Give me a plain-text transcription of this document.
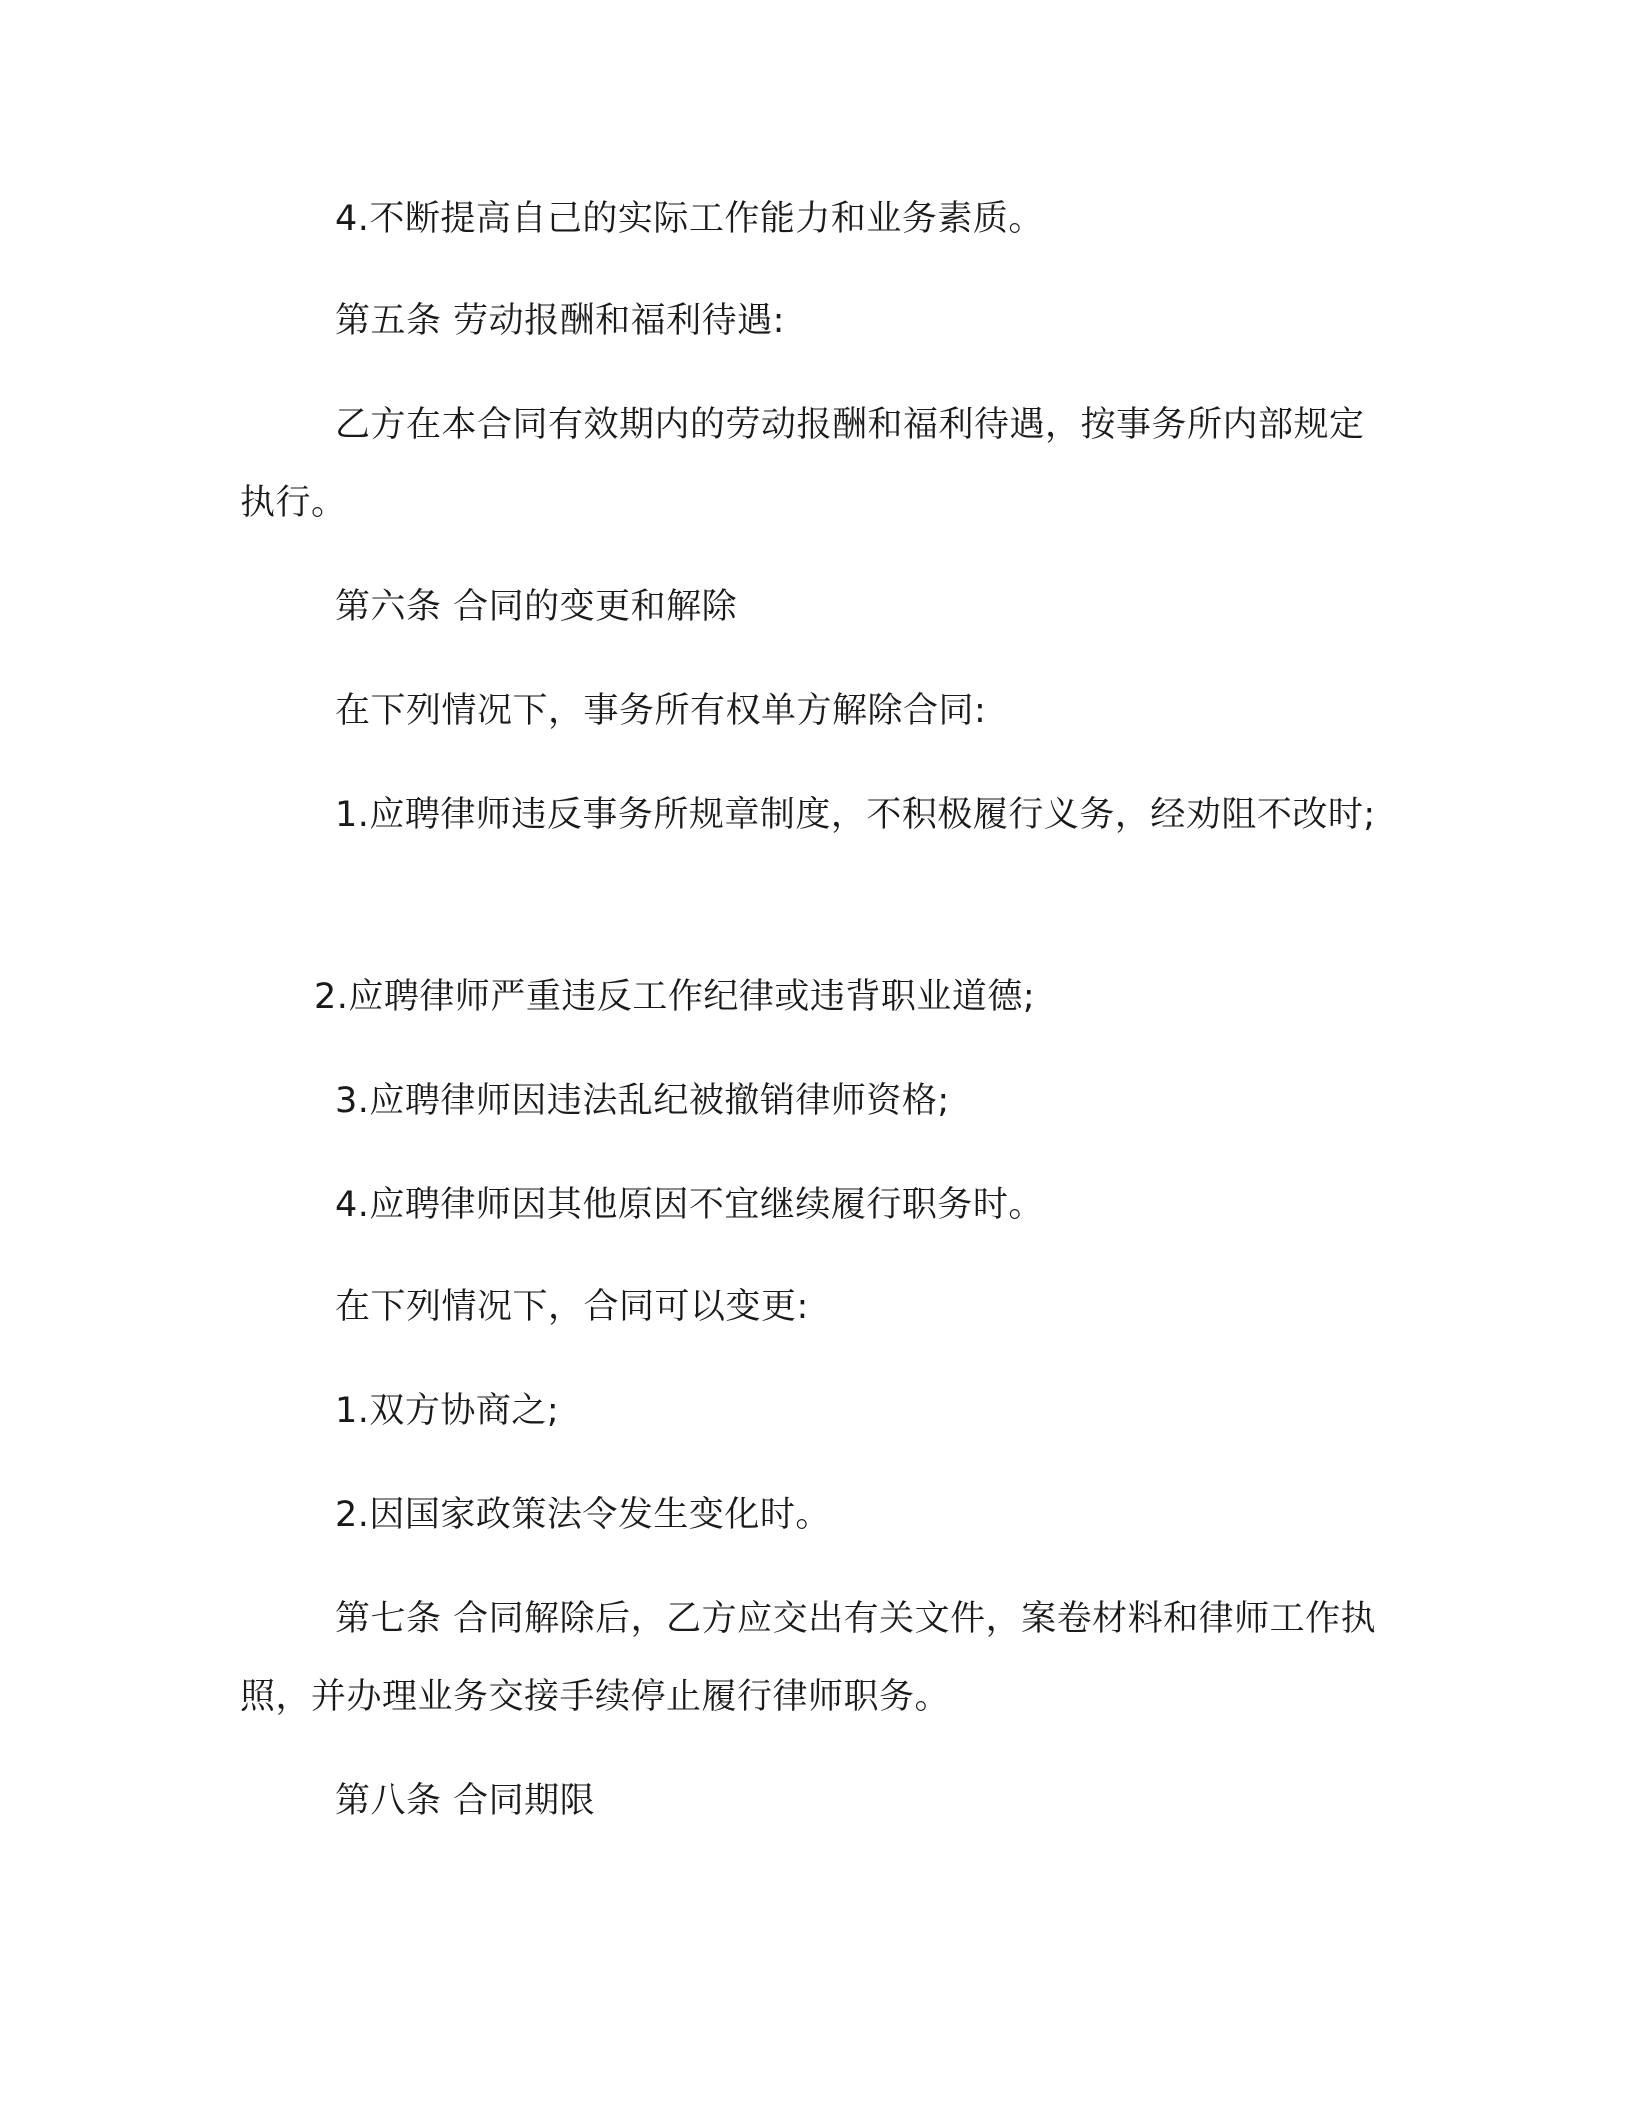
4.不断提高自己的实际工作能力和业务素质。
第五条 劳动报酬和福利待遇:
乙方在本合同有效期内的劳动报酬和福利待遇，按事务所内部规定执行。
第六条 合同的变更和解除
在下列情况下，事务所有权单方解除合同:
1.应聘律师违反事务所规章制度，不积极履行义务，经劝阻不改时;
2.应聘律师严重违反工作纪律或违背职业道德;
3.应聘律师因违法乱纪被撤销律师资格;
4.应聘律师因其他原因不宜继续履行职务时。
在下列情况下，合同可以变更:
1.双方协商之;
2.因国家政策法令发生变化时。
第七条 合同解除后，乙方应交出有关文件，案卷材料和律师工作执照，并办理业务交接手续停止履行律师职务。
第八条 合同期限
